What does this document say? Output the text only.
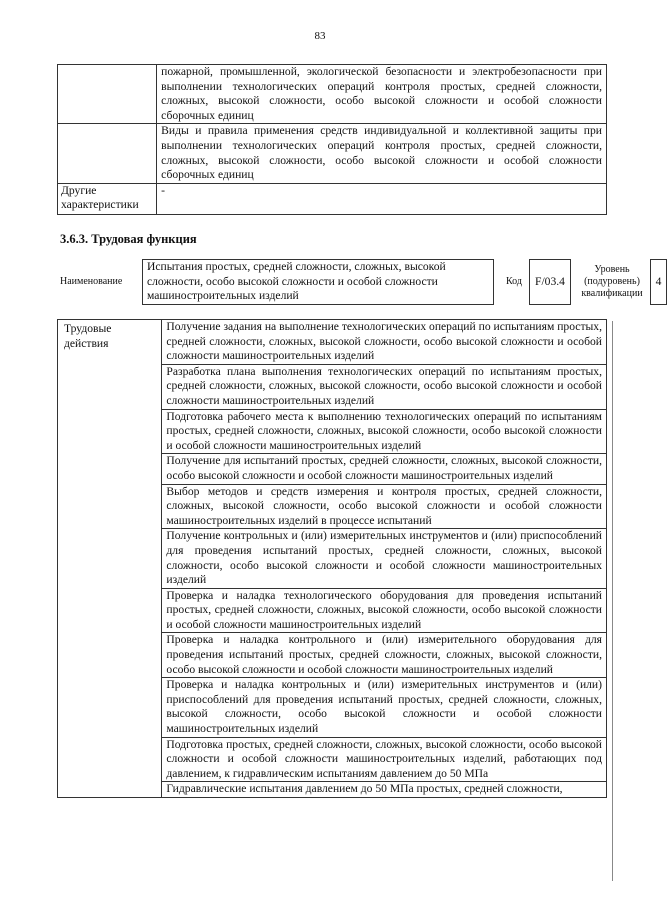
83
	пожарной, промышленной, экологической безопасности и электробезопасности при выполнении технологических операций контроля простых, средней сложности, сложных, высокой сложности, особо высокой сложности и особой сложности сборочных единиц
	Виды и правила применения средств индивидуальной и коллективной защиты при выполнении технологических операций контроля простых, средней сложности, сложных, высокой сложности, особо высокой сложности и особой сложности сборочных единиц
Другие характеристики	-
3.6.3. Трудовая функция
Наименование
Испытания простых, средней сложности, сложных, высокой сложности, особо высокой сложности и особой сложности машиностроительных изделий
Код	F/03.4
Уровень (подуровень) квалификации
4
Трудовые действия	Получение задания на выполнение технологических операций по испытаниям простых, средней сложности, сложных, высокой сложности, особо высокой сложности и особой сложности машиностроительных изделий
Разработка плана выполнения технологических операций по испытаниям простых, средней сложности, сложных, высокой сложности, особо высокой сложности и особой сложности машиностроительных изделий
Подготовка рабочего места к выполнению технологических операций по испытаниям простых, средней сложности, сложных, высокой сложности, особо высокой сложности и особой сложности машиностроительных изделий
Получение для испытаний простых, средней сложности, сложных, высокой сложности, особо высокой сложности и особой сложности машиностроительных изделий
Выбор методов и средств измерения и контроля простых, средней сложности, сложных, высокой сложности, особо высокой сложности и особой сложности машиностроительных изделий в процессе испытаний
Получение контрольных и (или) измерительных инструментов и (или) приспособлений для проведения испытаний простых, средней сложности, сложных, высокой сложности, особо высокой сложности и особой сложности машиностроительных изделий
Проверка и наладка технологического оборудования для проведения испытаний простых, средней сложности, сложных, высокой сложности, особо высокой сложности и особой сложности машиностроительных изделий
Проверка и наладка контрольного и (или) измерительного оборудования для проведения испытаний простых, средней сложности, сложных, высокой сложности, особо высокой сложности и особой сложности машиностроительных изделий
Проверка и наладка контрольных и (или) измерительных инструментов и (или) приспособлений для проведения испытаний простых, средней сложности, сложных, высокой сложности, особо высокой сложности и особой сложности машиностроительных изделий
Подготовка простых, средней сложности, сложных, высокой сложности, особо высокой сложности и особой сложности машиностроительных изделий, работающих под давлением, к гидравлическим испытаниям давлением до 50 МПа
Гидравлические испытания давлением до 50 МПа простых, средней сложности,
